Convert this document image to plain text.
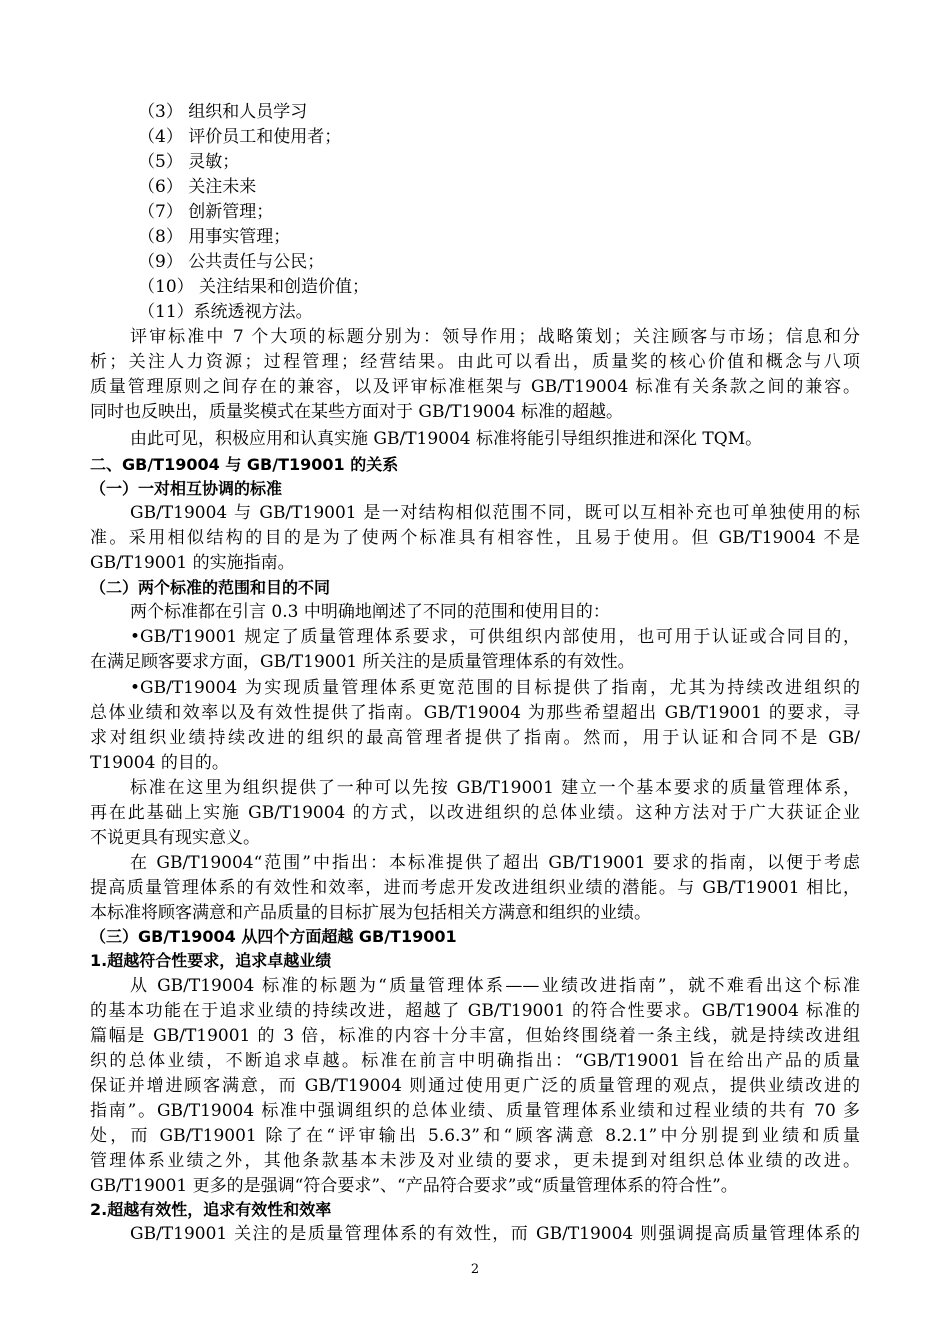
（3） 组织和人员学习
（4） 评价员工和使用者；
（5） 灵敏；
（6） 关注未来
（7） 创新管理；
（8） 用事实管理；
（9） 公共责任与公民；
（10） 关注结果和创造价值；
（11）系统透视方法。
评审标准中 7 个大项的标题分别为：领导作用；战略策划；关注顾客与市场；信息和分
析；关注人力资源；过程管理；经营结果。由此可以看出，质量奖的核心价值和概念与八项
质量管理原则之间存在的兼容，以及评审标准框架与 GB/T19004 标准有关条款之间的兼容。
同时也反映出，质量奖模式在某些方面对于 GB/T19004 标准的超越。
由此可见，积极应用和认真实施 GB/T19004 标准将能引导组织推进和深化 TQM。
二、GB/T19004 与 GB/T19001 的关系
（一）一对相互协调的标准
GB/T19004 与 GB/T19001 是一对结构相似范围不同，既可以互相补充也可单独使用的标
准。采用相似结构的目的是为了使两个标准具有相容性，且易于使用。但 GB/T19004 不是
GB/T19001 的实施指南。
（二）两个标准的范围和目的不同
两个标准都在引言 0.3 中明确地阐述了不同的范围和使用目的：
•GB/T19001 规定了质量管理体系要求，可供组织内部使用，也可用于认证或合同目的，
在满足顾客要求方面，GB/T19001 所关注的是质量管理体系的有效性。
•GB/T19004 为实现质量管理体系更宽范围的目标提供了指南，尤其为持续改进组织的
总体业绩和效率以及有效性提供了指南。GB/T19004 为那些希望超出 GB/T19001 的要求，寻
求对组织业绩持续改进的组织的最高管理者提供了指南。然而，用于认证和合同不是 GB/
T19004 的目的。
标准在这里为组织提供了一种可以先按 GB/T19001 建立一个基本要求的质量管理体系，
再在此基础上实施 GB/T19004 的方式，以改进组织的总体业绩。这种方法对于广大获证企业
不说更具有现实意义。
在 GB/T19004“范围”中指出：本标准提供了超出 GB/T19001 要求的指南，以便于考虑
提高质量管理体系的有效性和效率，进而考虑开发改进组织业绩的潜能。与 GB/T19001 相比，
本标准将顾客满意和产品质量的目标扩展为包括相关方满意和组织的业绩。
（三）GB/T19004 从四个方面超越 GB/T19001
1.超越符合性要求，追求卓越业绩
从 GB/T19004 标准的标题为“质量管理体系——业绩改进指南”，就不难看出这个标准
的基本功能在于追求业绩的持续改进，超越了 GB/T19001 的符合性要求。GB/T19004 标准的
篇幅是 GB/T19001 的 3 倍，标准的内容十分丰富，但始终围绕着一条主线，就是持续改进组
织的总体业绩，不断追求卓越。标准在前言中明确指出：“GB/T19001 旨在给出产品的质量
保证并增进顾客满意，而 GB/T19004 则通过使用更广泛的质量管理的观点，提供业绩改进的
指南”。GB/T19004 标准中强调组织的总体业绩、质量管理体系业绩和过程业绩的共有 70 多
处，而 GB/T19001 除了在“评审输出 5.6.3”和“顾客满意 8.2.1”中分别提到业绩和质量
管理体系业绩之外，其他条款基本未涉及对业绩的要求，更未提到对组织总体业绩的改进。
GB/T19001 更多的是强调“符合要求”、“产品符合要求”或“质量管理体系的符合性”。
2.超越有效性，追求有效性和效率
GB/T19001 关注的是质量管理体系的有效性，而 GB/T19004 则强调提高质量管理体系的
2
